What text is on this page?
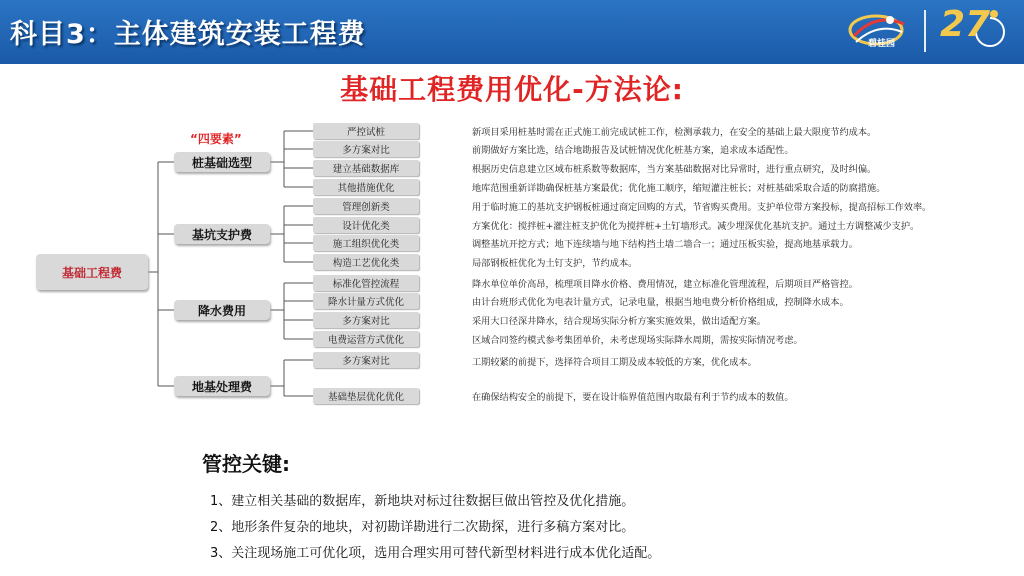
科目3：主体建筑安装工程费	碧桂园 27
基础工程费用优化-方法论:
“四要素”
基础工程费
桩基础选型
基坑支护费
降水费用
地基处理费
严控试桩	新项目采用桩基时需在正式施工前完成试桩工作，检测承载力，在安全的基础上最大限度节约成本。
多方案对比	前期做好方案比选，结合地勘报告及试桩情况优化桩基方案，追求成本适配性。
建立基础数据库	根据历史信息建立区域布桩系数等数据库，当方案基础数据对比异常时，进行重点研究，及时纠偏。
其他措施优化	地库范围重新详勘确保桩基方案最优；优化施工顺序，缩短灌注桩长；对桩基础采取合适的防腐措施。
管理创新类	用于临时施工的基坑支护钢板桩通过商定回购的方式，节省购买费用。支护单位带方案投标，提高招标工作效率。
设计优化类	方案优化：搅拌桩+灌注桩支护优化为搅拌桩+土钉墙形式。减少埋深优化基坑支护。通过土方调整减少支护。
施工组织优化类	调整基坑开挖方式；地下连续墙与地下结构挡土墙二墙合一；通过压板实验，提高地基承载力。
构造工艺优化类	局部钢板桩优化为土钉支护，节约成本。
标准化管控流程	降水单位单价高昂，梳理项目降水价格、费用情况，建立标准化管理流程，后期项目严格管控。
降水计量方式优化	由计台班形式优化为电表计量方式，记录电量，根据当地电费分析价格组成，控制降水成本。
多方案对比	采用大口径深井降水，结合现场实际分析方案实施效果，做出适配方案。
电费运营方式优化	区域合同签约模式参考集团单价，未考虑现场实际降水周期，需按实际情况考虑。
多方案对比	工期较紧的前提下，选择符合项目工期及成本较低的方案，优化成本。
基础垫层优化优化	在确保结构安全的前提下，要在设计临界值范围内取最有利于节约成本的数值。
管控关键:
1、建立相关基础的数据库，新地块对标过往数据巨做出管控及优化措施。
2、地形条件复杂的地块，对初勘详勘进行二次勘探，进行多稿方案对比。
3、关注现场施工可优化项，选用合理实用可替代新型材料进行成本优化适配。
